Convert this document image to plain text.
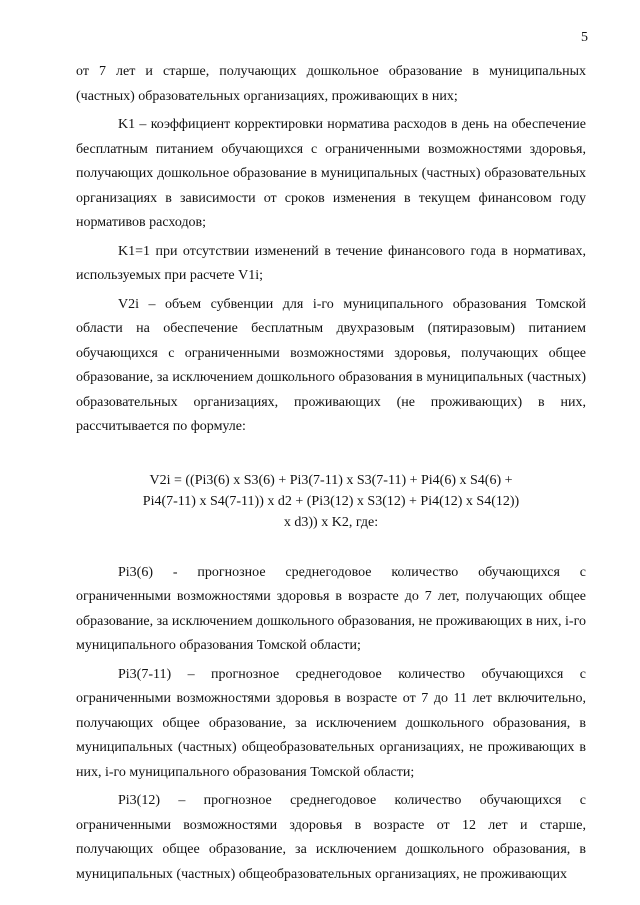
5

от 7 лет и старше, получающих дошкольное образование в муниципальных (частных) образовательных организациях, проживающих в них;

K1 – коэффициент корректировки норматива расходов в день на обеспечение бесплатным питанием обучающихся с ограниченными возможностями здоровья, получающих дошкольное образование в муниципальных (частных) образовательных организациях в зависимости от сроков изменения в текущем финансовом году нормативов расходов;

K1=1 при отсутствии изменений в течение финансового года в нормативах, используемых при расчете V1i;

V2i – объем субвенции для i-го муниципального образования Томской области на обеспечение бесплатным двухразовым (пятиразовым) питанием обучающихся с ограниченными возможностями здоровья, получающих общее образование, за исключением дошкольного образования в муниципальных (частных) образовательных организациях, проживающих (не проживающих) в них, рассчитывается по формуле:

V2i = ((Pi3(6) x S3(6) + Pi3(7-11) x S3(7-11) + Pi4(6) x S4(6) +
Pi4(7-11) x S4(7-11)) x d2 + (Pi3(12) x S3(12) + Pi4(12) x S4(12))
x d3)) x K2, где:

Pi3(6) - прогнозное среднегодовое количество обучающихся с ограниченными возможностями здоровья в возрасте до 7 лет, получающих общее образование, за исключением дошкольного образования, не проживающих в них, i-го муниципального образования Томской области;

Pi3(7-11) – прогнозное среднегодовое количество обучающихся с ограниченными возможностями здоровья в возрасте от 7 до 11 лет включительно, получающих общее образование, за исключением дошкольного образования, в муниципальных (частных) общеобразовательных организациях, не проживающих в них, i-го муниципального образования Томской области;

Pi3(12) – прогнозное среднегодовое количество обучающихся с ограниченными возможностями здоровья в возрасте от 12 лет и старше, получающих общее образование, за исключением дошкольного образования, в муниципальных (частных) общеобразовательных организациях, не проживающих
